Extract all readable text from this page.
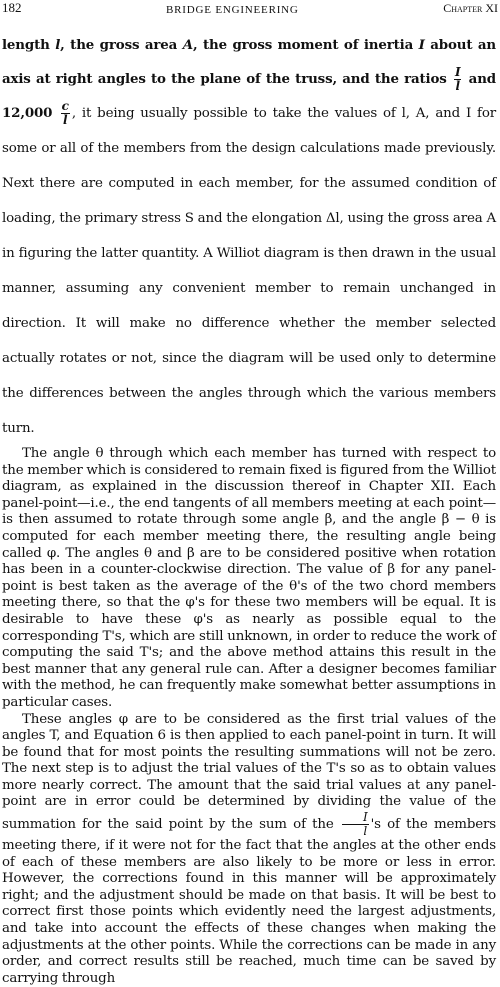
182	BRIDGE ENGINEERING	Chapter XI

length l, the gross area A, the gross moment of inertia I about an axis at right angles to the plane of the truss, and the ratios $\frac{I}{l}$ and $12,000 \frac{c}{l}$ , it being usually possible to take the values of l, A, and I for some or all of the members from the design calculations made previously. Next there are computed in each member, for the assumed condition of loading, the primary stress S and the elongation Δl, using the gross area A in figuring the latter quantity. A Williot diagram is then drawn in the usual manner, assuming any convenient member to remain unchanged in direction. It will make no difference whether the member selected actually rotates or not, since the diagram will be used only to determine the differences between the angles through which the various members turn.

The angle θ through which each member has turned with respect to the member which is considered to remain fixed is figured from the Williot diagram, as explained in the discussion thereof in Chapter XII. Each panel-point—i.e., the end tangents of all members meeting at each point—is then assumed to rotate through some angle β, and the angle β − θ is computed for each member meeting there, the resulting angle being called φ. The angles θ and β are to be considered positive when rotation has been in a counter-clockwise direction. The value of β for any panel-point is best taken as the average of the θ's of the two chord members meeting there, so that the φ's for these two members will be equal. It is desirable to have these φ's as nearly as possible equal to the corresponding T's, which are still unknown, in order to reduce the work of computing the said T's; and the above method attains this result in the best manner that any general rule can. After a designer becomes familiar with the method, he can frequently make somewhat better assumptions in particular cases.

These angles φ are to be considered as the first trial values of the angles T, and Equation 6 is then applied to each panel-point in turn. It will be found that for most points the resulting summations will not be zero. The next step is to adjust the trial values of the T's so as to obtain values more nearly correct. The amount that the said trial values at any panel-point are in error could be determined by dividing the value of the summation for the said point by the sum of the $\frac{I}{l}$ 's of the members meeting there, if it were not for the fact that the angles at the other ends of each of these members are also likely to be more or less in error. However, the corrections found in this manner will be approximately right; and the adjustment should be made on that basis. It will be best to correct first those points which evidently need the largest adjustments, and take into account the effects of these changes when making the adjustments at the other points. While the corrections can be made in any order, and correct results still be reached, much time can be saved by carrying through
